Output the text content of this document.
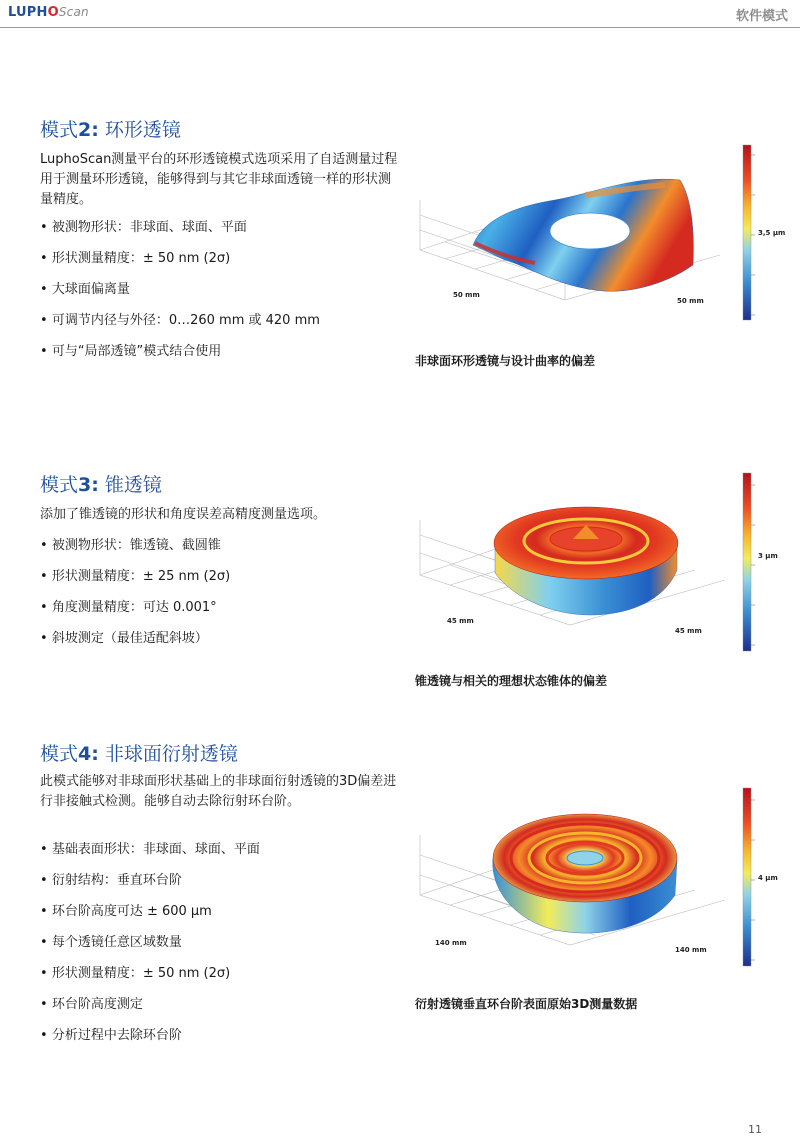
LUPHOScan	软件模式
模式2: 环形透镜
LuphoScan测量平台的环形透镜模式选项采用了自适测量过程用于测量环形透镜，能够得到与其它非球面透镜一样的形状测量精度。
• 被测物形状：非球面、球面、平面
• 形状测量精度：± 50 nm (2σ)
• 大球面偏离量
• 可调节内径与外径：0…260 mm 或 420 mm
• 可与“局部透镜”模式结合使用
3,5 µm
50 mm
50 mm
非球面环形透镜与设计曲率的偏差
模式3: 锥透镜
添加了锥透镜的形状和角度误差高精度测量选项。
• 被测物形状：锥透镜、截圆锥
• 形状测量精度：± 25 nm (2σ)
• 角度测量精度：可达 0.001°
• 斜坡测定（最佳适配斜坡）
3 µm
45 mm
45 mm
锥透镜与相关的理想状态锥体的偏差
模式4: 非球面衍射透镜
此模式能够对非球面形状基础上的非球面衍射透镜的3D偏差进行非接触式检测。能够自动去除衍射环台阶。
• 基础表面形状：非球面、球面、平面
• 衍射结构：垂直环台阶
• 环台阶高度可达 ± 600 µm
• 每个透镜任意区域数量
• 形状测量精度：± 50 nm (2σ)
• 环台阶高度测定
• 分析过程中去除环台阶
4 µm
140 mm
140 mm
衍射透镜垂直环台阶表面原始3D测量数据
11
